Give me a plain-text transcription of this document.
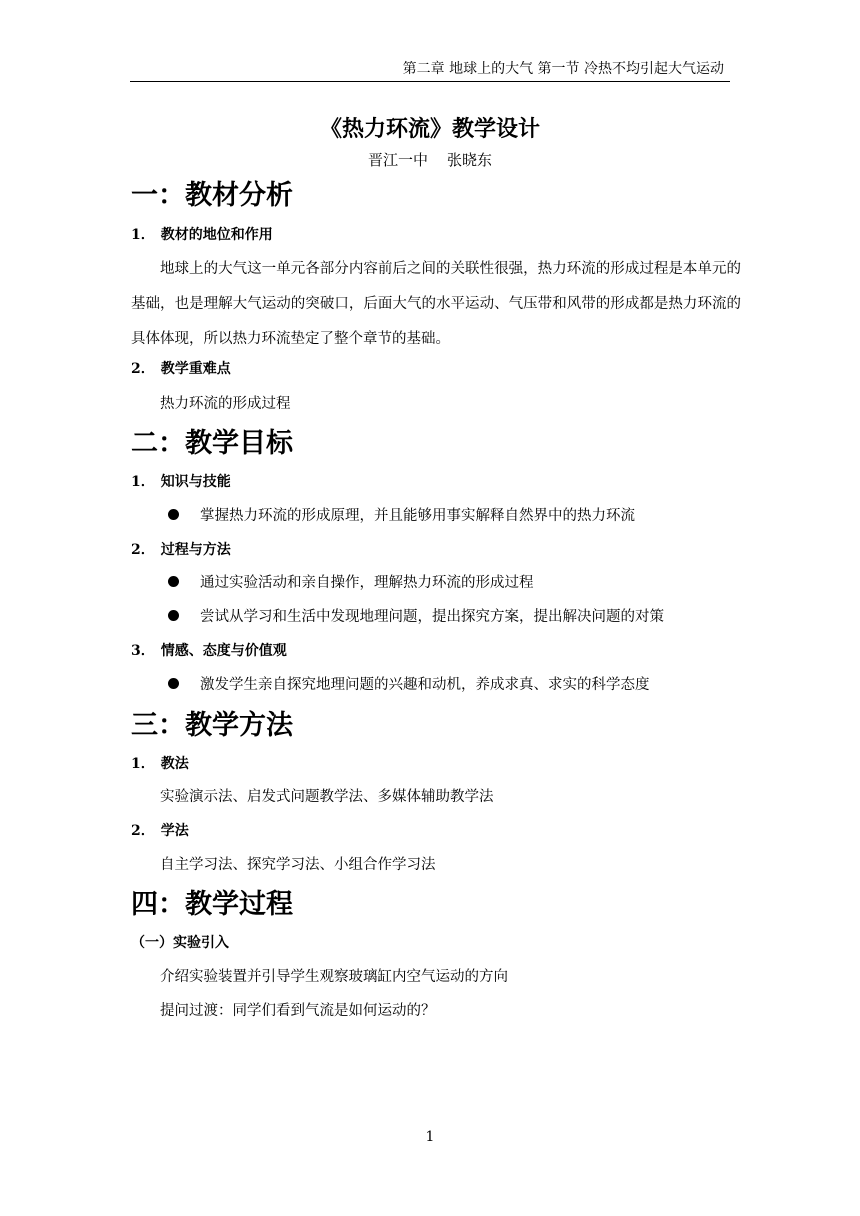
第二章 地球上的大气 第一节 冷热不均引起大气运动
《热力环流》教学设计
晋江一中    张晓东
一：教材分析
1． 教材的地位和作用
地球上的大气这一单元各部分内容前后之间的关联性很强，热力环流的形成过程是本单元的基础，也是理解大气运动的突破口，后面大气的水平运动、气压带和风带的形成都是热力环流的具体体现，所以热力环流垫定了整个章节的基础。
2． 教学重难点
热力环流的形成过程
二：教学目标
1． 知识与技能
掌握热力环流的形成原理，并且能够用事实解释自然界中的热力环流
2． 过程与方法
通过实验活动和亲自操作，理解热力环流的形成过程
尝试从学习和生活中发现地理问题，提出探究方案，提出解决问题的对策
3． 情感、态度与价值观
激发学生亲自探究地理问题的兴趣和动机，养成求真、求实的科学态度
三：教学方法
1． 教法
实验演示法、启发式问题教学法、多媒体辅助教学法
2． 学法
自主学习法、探究学习法、小组合作学习法
四：教学过程
（一）实验引入
介绍实验装置并引导学生观察玻璃缸内空气运动的方向
提问过渡：同学们看到气流是如何运动的？
1
